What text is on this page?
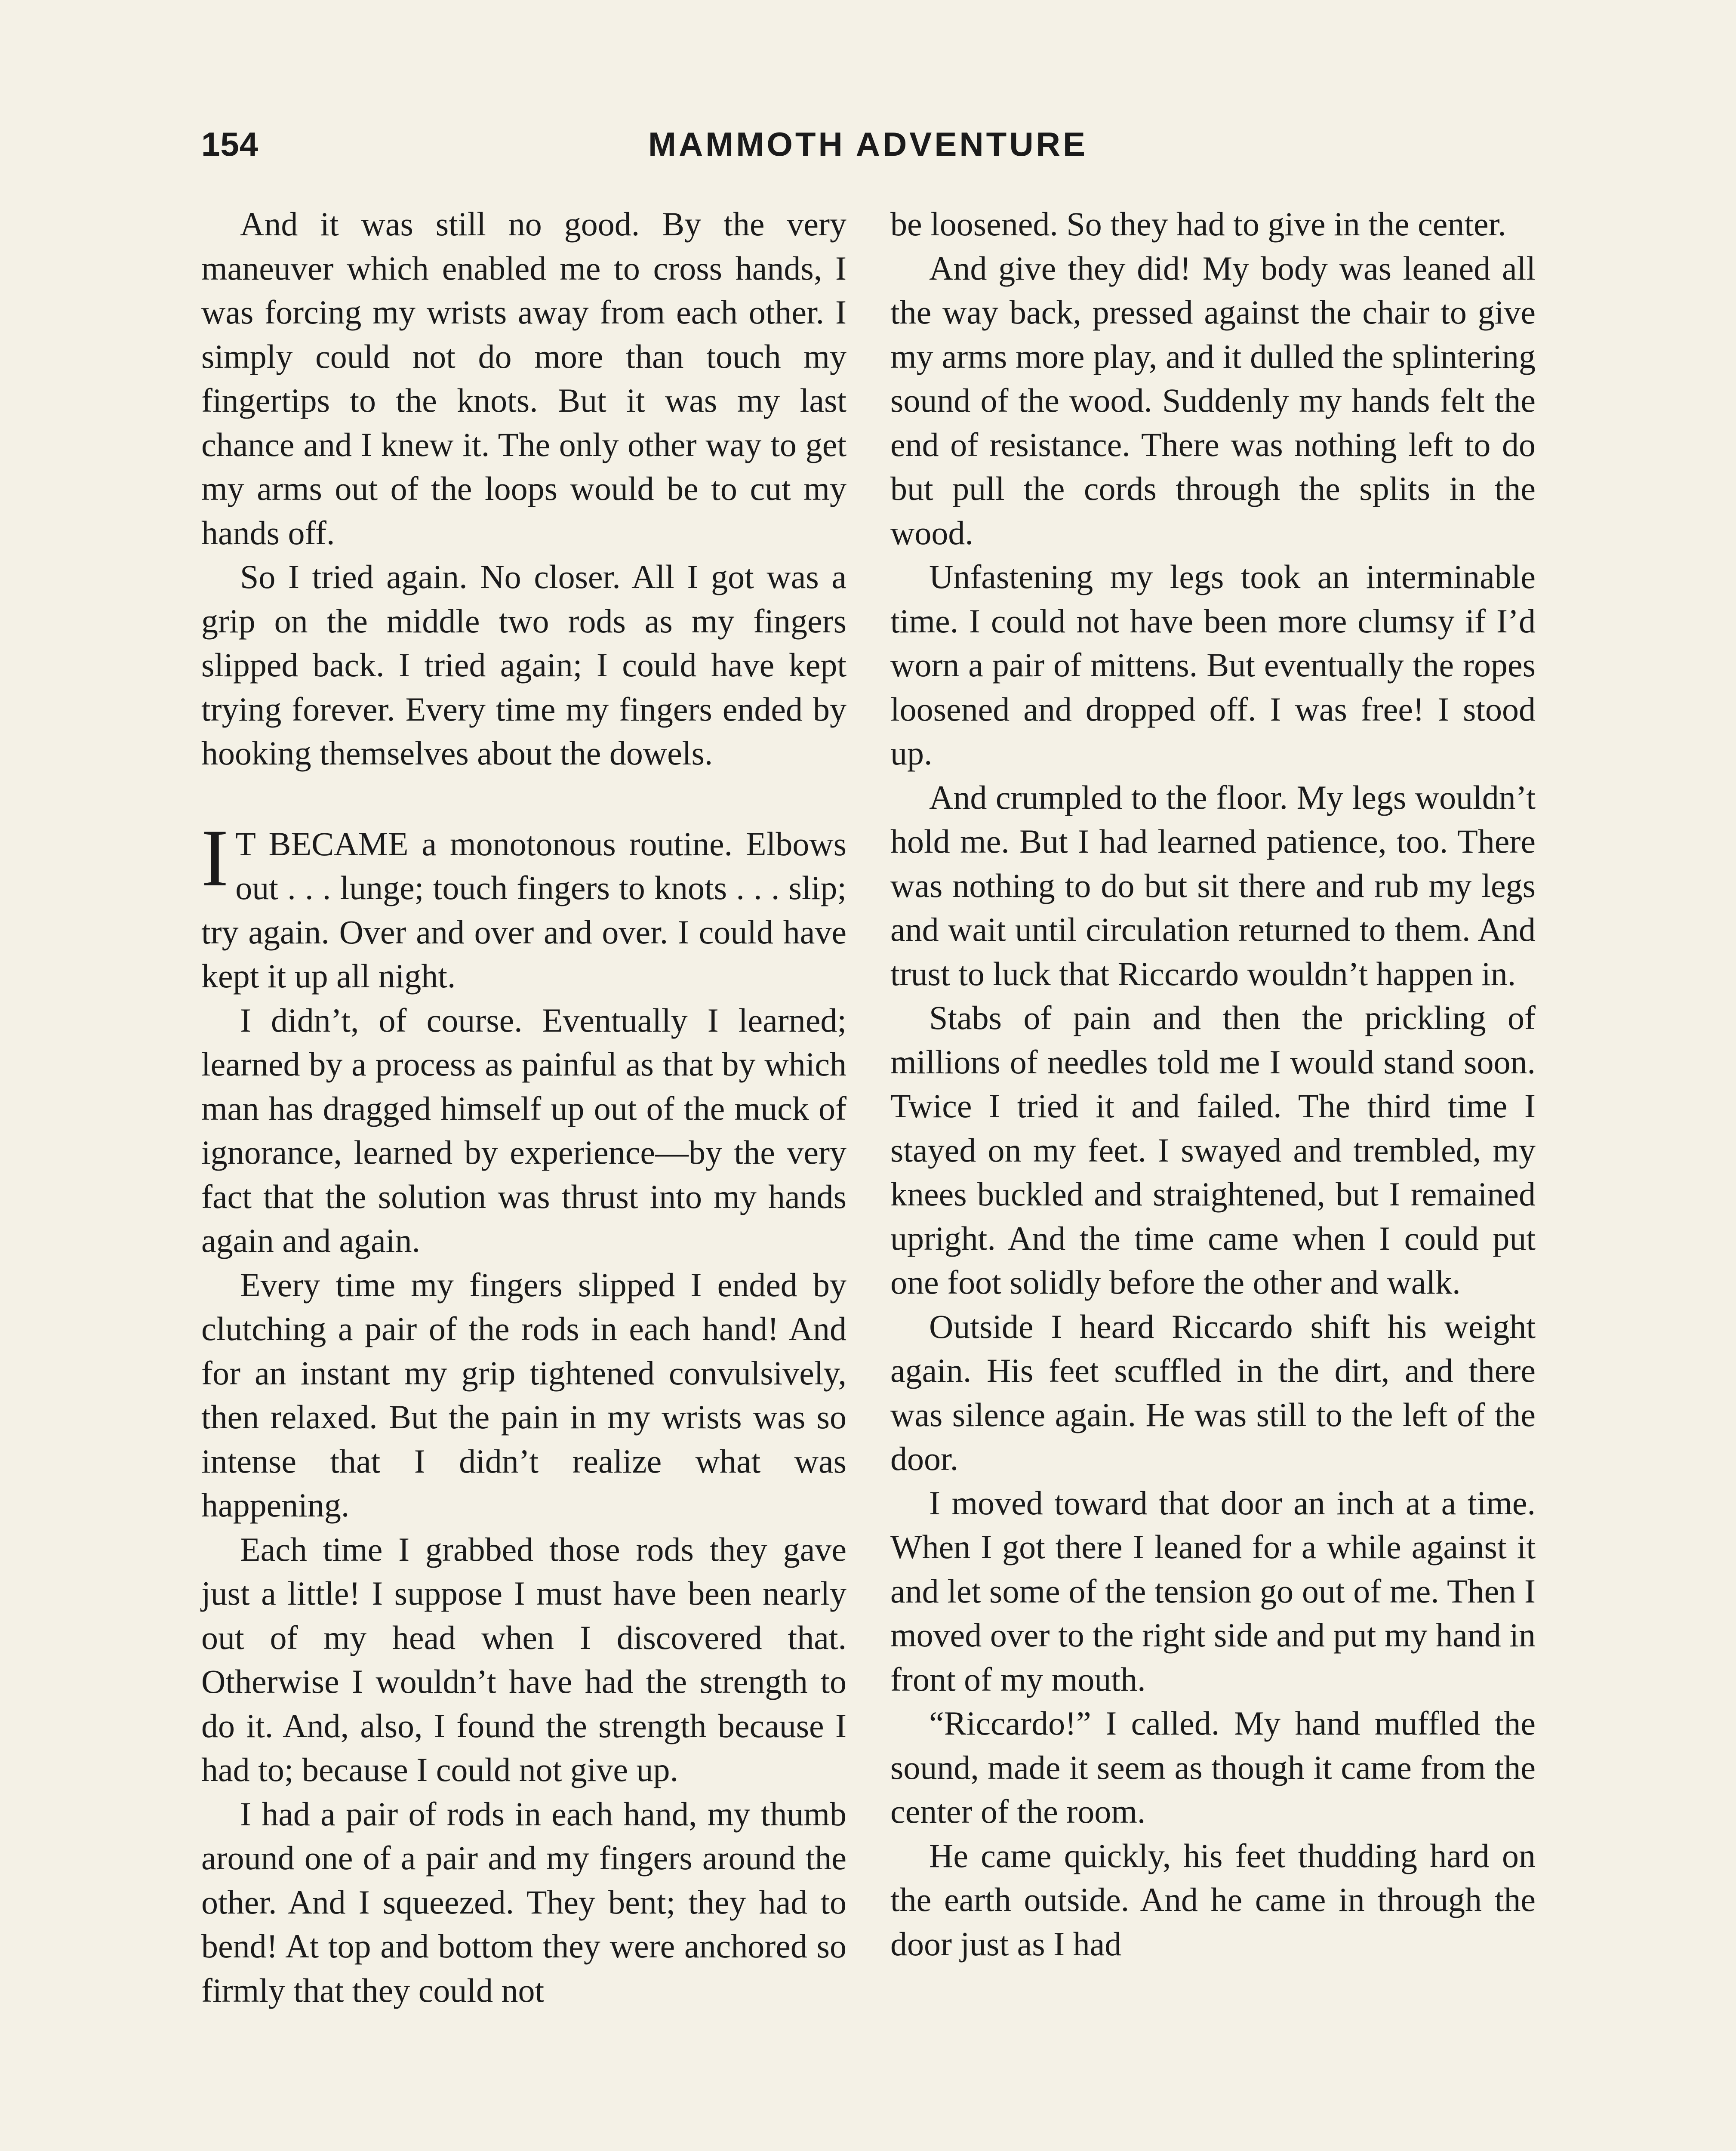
154	MAMMOTH ADVENTURE

And it was still no good. By the very maneuver which enabled me to cross hands, I was forcing my wrists away from each other. I simply could not do more than touch my fingertips to the knots. But it was my last chance and I knew it. The only other way to get my arms out of the loops would be to cut my hands off.

So I tried again. No closer. All I got was a grip on the middle two rods as my fingers slipped back. I tried again; I could have kept trying forever. Every time my fingers ended by hooking themselves about the dowels.

I T BECAME a monotonous routine. Elbows out . . . lunge; touch fingers to knots . . . slip; try again. Over and over and over. I could have kept it up all night.

I didn’t, of course. Eventually I learned; learned by a process as painful as that by which man has dragged himself up out of the muck of ignorance, learned by experience—by the very fact that the solution was thrust into my hands again and again.

Every time my fingers slipped I ended by clutching a pair of the rods in each hand! And for an instant my grip tightened convulsively, then relaxed. But the pain in my wrists was so intense that I didn’t realize what was happening.

Each time I grabbed those rods they gave just a little! I suppose I must have been nearly out of my head when I discovered that. Otherwise I wouldn’t have had the strength to do it. And, also, I found the strength because I had to; because I could not give up.

I had a pair of rods in each hand, my thumb around one of a pair and my fingers around the other. And I squeezed. They bent; they had to bend! At top and bottom they were anchored so firmly that they could not

be loosened. So they had to give in the center.

And give they did! My body was leaned all the way back, pressed against the chair to give my arms more play, and it dulled the splintering sound of the wood. Suddenly my hands felt the end of resistance. There was nothing left to do but pull the cords through the splits in the wood.

Unfastening my legs took an interminable time. I could not have been more clumsy if I’d worn a pair of mittens. But eventually the ropes loosened and dropped off. I was free! I stood up.

And crumpled to the floor. My legs wouldn’t hold me. But I had learned patience, too. There was nothing to do but sit there and rub my legs and wait until circulation returned to them. And trust to luck that Riccardo wouldn’t happen in.

Stabs of pain and then the prickling of millions of needles told me I would stand soon. Twice I tried it and failed. The third time I stayed on my feet. I swayed and trembled, my knees buckled and straightened, but I remained upright. And the time came when I could put one foot solidly before the other and walk.

Outside I heard Riccardo shift his weight again. His feet scuffled in the dirt, and there was silence again. He was still to the left of the door.

I moved toward that door an inch at a time. When I got there I leaned for a while against it and let some of the tension go out of me. Then I moved over to the right side and put my hand in front of my mouth.

“Riccardo!” I called. My hand muffled the sound, made it seem as though it came from the center of the room.

He came quickly, his feet thudding hard on the earth outside. And he came in through the door just as I had
